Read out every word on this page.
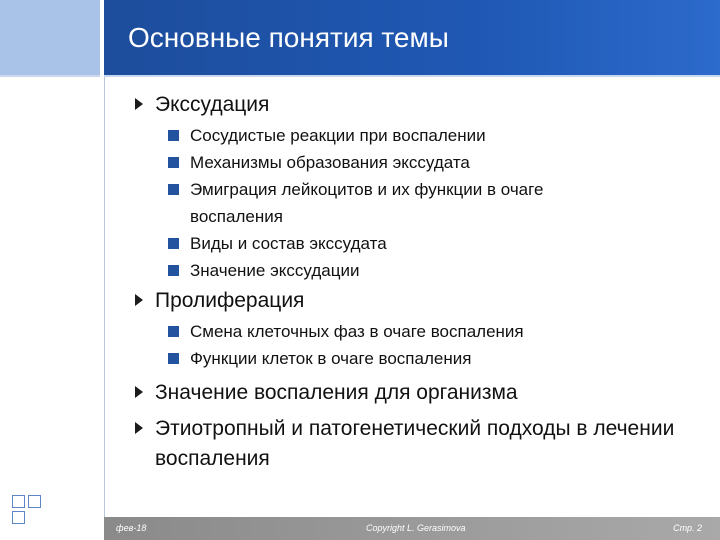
Основные понятия темы
Экссудация
Сосудистые реакции при воспалении
Механизмы образования экссудата
Эмиграция лейкоцитов и их функции в очаге воспаления
Виды и состав экссудата
Значение экссудации
Пролиферация
Смена клеточных фаз в очаге воспаления
Функции клеток в очаге воспаления
Значение воспаления для организма
Этиотропный и патогенетический подходы в лечении воспаления
фев-18	Copyright L. Gerasimova	Стр. 2
